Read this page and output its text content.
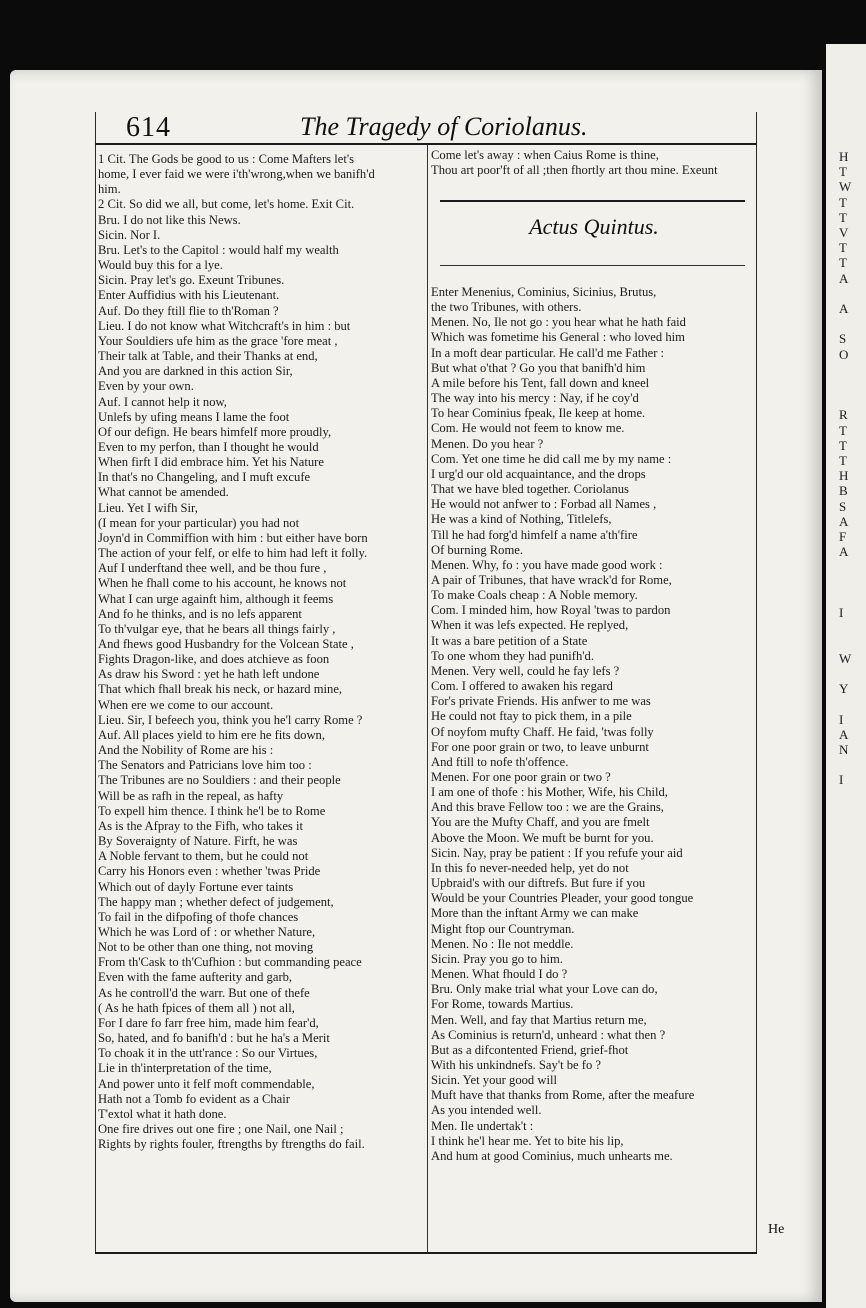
H
T
W
T
T
V
T
T
A

A

S
O

R
T
T
T
H
B
S
A
F
A

I

W

Y

I
A
N

I
614	The Tragedy of Coriolanus.
1 Cit. The Gods be good to us : Come Mafters let's
home, I ever faid we were i'th'wrong,when we banifh'd
him.
2 Cit. So did we all, but come, let's home. Exit Cit.
Bru. I do not like this News.
Sicin. Nor I.
Bru. Let's to the Capitol : would half my wealth
Would buy this for a lye.
Sicin. Pray let's go. Exeunt Tribunes.
Enter Auffidius with his Lieutenant.
Auf. Do they ftill flie to th'Roman ?
Lieu. I do not know what Witchcraft's in him : but
Your Souldiers ufe him as the grace 'fore meat ,
Their talk at Table, and their Thanks at end,
And you are darkned in this action Sir,
Even by your own.
Auf. I cannot help it now,
Unlefs by ufing means I lame the foot
Of our defign. He bears himfelf more proudly,
Even to my perfon, than I thought he would
When firft I did embrace him. Yet his Nature
In that's no Changeling, and I muft excufe
What cannot be amended.
Lieu. Yet I wifh Sir,
(I mean for your particular) you had not
Joyn'd in Commiffion with him : but either have born
The action of your felf, or elfe to him had left it folly.
Auf I underftand thee well, and be thou fure ,
When he fhall come to his account, he knows not
What I can urge againft him, although it feems
And fo he thinks, and is no lefs apparent
To th'vulgar eye, that he bears all things fairly ,
And fhews good Husbandry for the Volcean State ,
Fights Dragon-like, and does atchieve as foon
As draw his Sword : yet he hath left undone
That which fhall break his neck, or hazard mine,
When ere we come to our account.
Lieu. Sir, I befeech you, think you he'l carry Rome ?
Auf. All places yield to him ere he fits down,
And the Nobility of Rome are his :
The Senators and Patricians love him too :
The Tribunes are no Souldiers : and their people
Will be as rafh in the repeal, as hafty
To expell him thence. I think he'l be to Rome
As is the Afpray to the Fifh, who takes it
By Soveraignty of Nature. Firft, he was
A Noble fervant to them, but he could not
Carry his Honors even : whether 'twas Pride
Which out of dayly Fortune ever taints
The happy man ; whether defect of judgement,
To fail in the difpofing of thofe chances
Which he was Lord of : or whether Nature,
Not to be other than one thing, not moving
From th'Cask to th'Cufhion : but commanding peace
Even with the fame aufterity and garb,
As he controll'd the warr. But one of thefe
( As he hath fpices of them all ) not all,
For I dare fo farr free him, made him fear'd,
So, hated, and fo banifh'd : but he ha's a Merit
To choak it in the utt'rance : So our Virtues,
Lie in th'interpretation of the time,
And power unto it felf moft commendable,
Hath not a Tomb fo evident as a Chair
T'extol what it hath done.
One fire drives out one fire ; one Nail, one Nail ;
Rights by rights fouler, ftrengths by ftrengths do fail.
Come let's away : when Caius Rome is thine,
Thou art poor'ft of all ;then fhortly art thou mine. Exeunt
Actus Quintus.
Enter Menenius, Cominius, Sicinius, Brutus,
the two Tribunes, with others.
Menen. No, Ile not go : you hear what he hath faid
Which was fometime his General : who loved him
In a moft dear particular. He call'd me Father :
But what o'that ? Go you that banifh'd him
A mile before his Tent, fall down and kneel
The way into his mercy : Nay, if he coy'd
To hear Cominius fpeak, Ile keep at home.
Com. He would not feem to know me.
Menen. Do you hear ?
Com. Yet one time he did call me by my name :
I urg'd our old acquaintance, and the drops
That we have bled together. Coriolanus
He would not anfwer to : Forbad all Names ,
He was a kind of Nothing, Titlelefs,
Till he had forg'd himfelf a name a'th'fire
Of burning Rome.
Menen. Why, fo : you have made good work :
A pair of Tribunes, that have wrack'd for Rome,
To make Coals cheap : A Noble memory.
Com. I minded him, how Royal 'twas to pardon
When it was lefs expected. He replyed,
It was a bare petition of a State
To one whom they had punifh'd.
Menen. Very well, could he fay lefs ?
Com. I offered to awaken his regard
For's private Friends. His anfwer to me was
He could not ftay to pick them, in a pile
Of noyfom mufty Chaff. He faid, 'twas folly
For one poor grain or two, to leave unburnt
And ftill to nofe th'offence.
Menen. For one poor grain or two ?
I am one of thofe : his Mother, Wife, his Child,
And this brave Fellow too : we are the Grains,
You are the Mufty Chaff, and you are fmelt
Above the Moon. We muft be burnt for you.
Sicin. Nay, pray be patient : If you refufe your aid
In this fo never-needed help, yet do not
Upbraid's with our diftrefs. But fure if you
Would be your Countries Pleader, your good tongue
More than the inftant Army we can make
Might ftop our Countryman.
Menen. No : Ile not meddle.
Sicin. Pray you go to him.
Menen. What fhould I do ?
Bru. Only make trial what your Love can do,
For Rome, towards Martius.
Men. Well, and fay that Martius return me,
As Cominius is return'd, unheard : what then ?
But as a difcontented Friend, grief-fhot
With his unkindnefs. Say't be fo ?
Sicin. Yet your good will
Muft have that thanks from Rome, after the meafure
As you intended well.
Men. Ile undertak't :
I think he'l hear me. Yet to bite his lip,
And hum at good Cominius, much unhearts me.
He
